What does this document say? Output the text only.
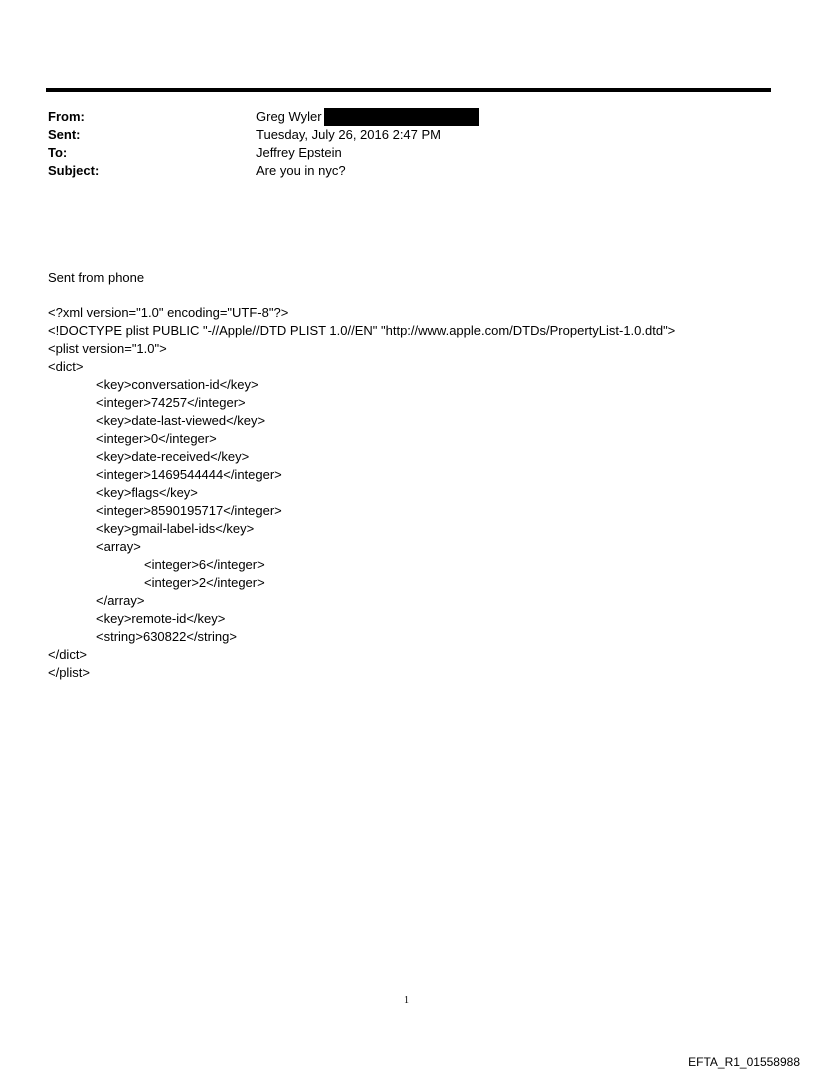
From:	Greg Wyler
Sent:	Tuesday, July 26, 2016 2:47 PM
To:	Jeffrey Epstein
Subject:	Are you in nyc?
Sent from phone
<?xml version="1.0" encoding="UTF-8"?>
<!DOCTYPE plist PUBLIC "-//Apple//DTD PLIST 1.0//EN" "http://www.apple.com/DTDs/PropertyList-1.0.dtd">
<plist version="1.0">
<dict>
<key>conversation-id</key>
<integer>74257</integer>
<key>date-last-viewed</key>
<integer>0</integer>
<key>date-received</key>
<integer>1469544444</integer>
<key>flags</key>
<integer>8590195717</integer>
<key>gmail-label-ids</key>
<array>
<integer>6</integer>
<integer>2</integer>
</array>
<key>remote-id</key>
<string>630822</string>
</dict>
</plist>
1
EFTA_R1_01558988
